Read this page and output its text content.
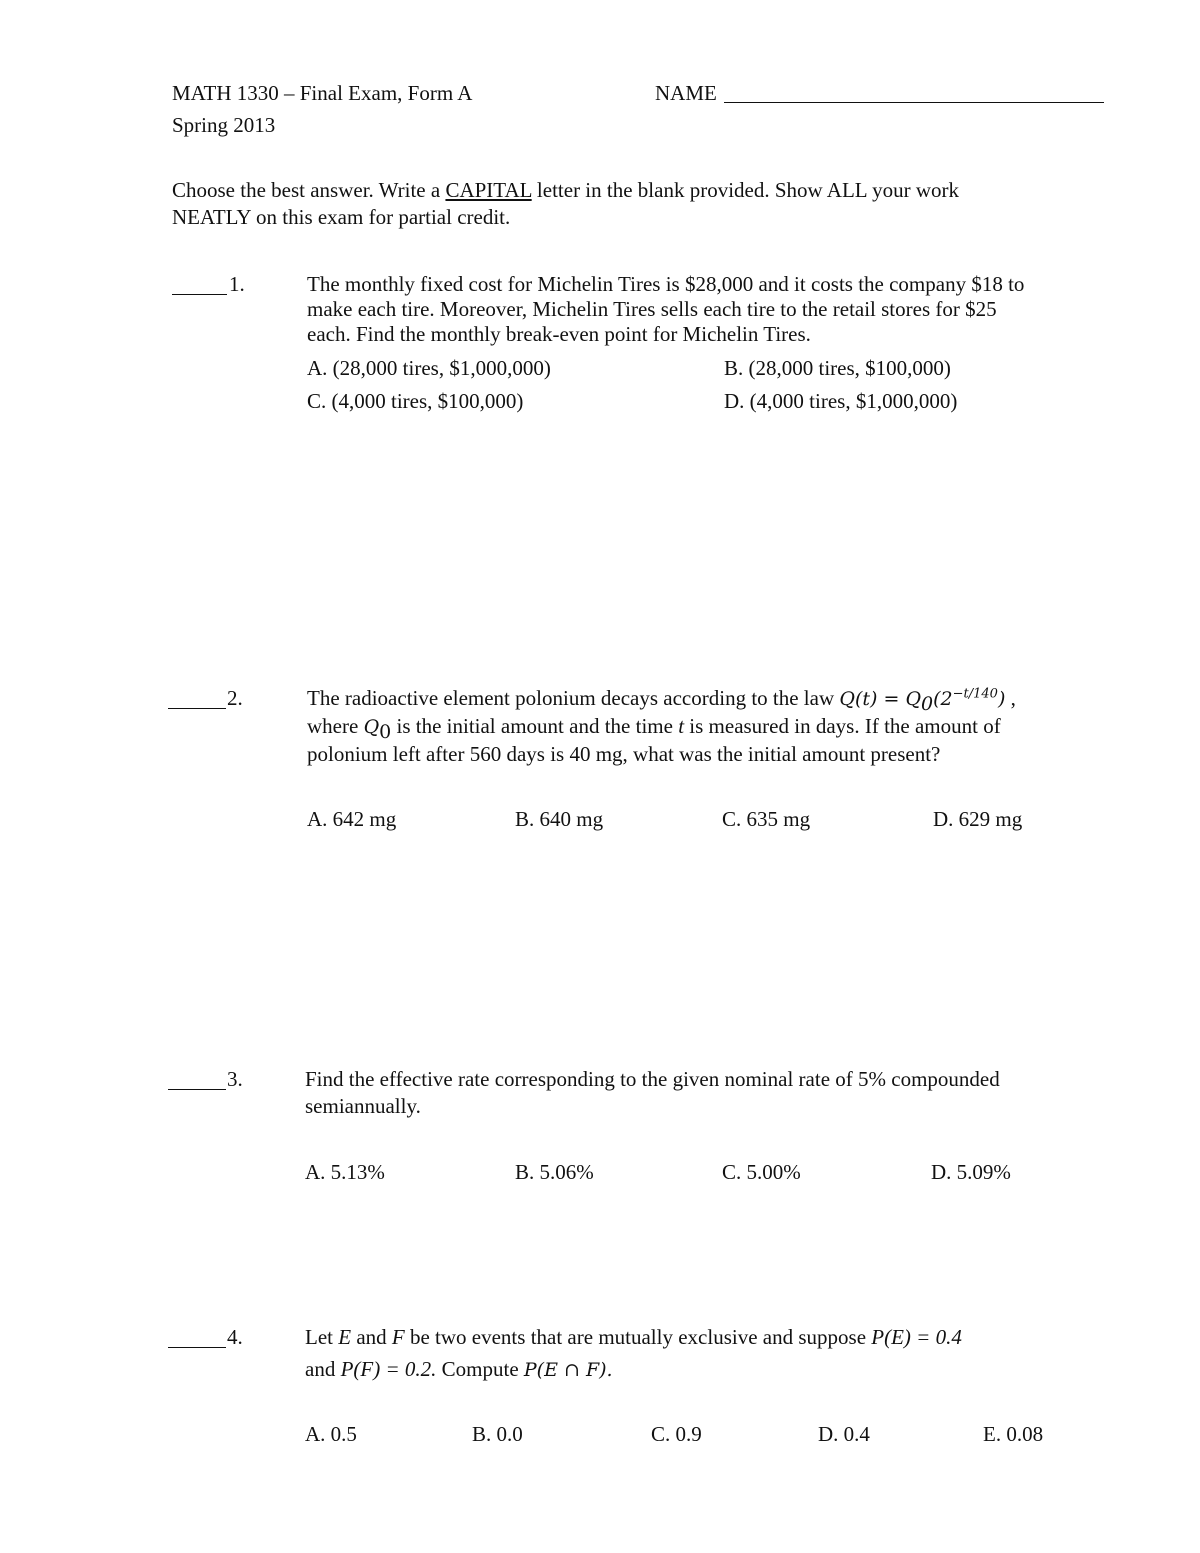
MATH 1330 – Final Exam, Form A
Spring 2013
NAME
Choose the best answer. Write a CAPITAL letter in the blank provided. Show ALL your work
NEATLY on this exam for partial credit.
1.	The monthly fixed cost for Michelin Tires is $28,000 and it costs the company $18 to
make each tire. Moreover, Michelin Tires sells each tire to the retail stores for $25
each. Find the monthly break-even point for Michelin Tires.
A. (28,000 tires, $1,000,000)	B. (28,000 tires, $100,000)
C. (4,000 tires, $100,000)	D. (4,000 tires, $1,000,000)
2.	The radioactive element polonium decays according to the law $Q(t) = Q_0(2^{-t/140})$ ,
where $Q_0$ is the initial amount and the time t is measured in days. If the amount of
polonium left after 560 days is 40 mg, what was the initial amount present?
A. 642 mg	B. 640 mg	C. 635 mg	D. 629 mg
3.	Find the effective rate corresponding to the given nominal rate of 5% compounded
semiannually.
A. 5.13%	B. 5.06%	C. 5.00%	D. 5.09%
4.	Let E and F be two events that are mutually exclusive and suppose P(E) = 0.4
and P(F) = 0.2. Compute P(E ∩ F).
A. 0.5	B. 0.0	C. 0.9	D. 0.4	E. 0.08
